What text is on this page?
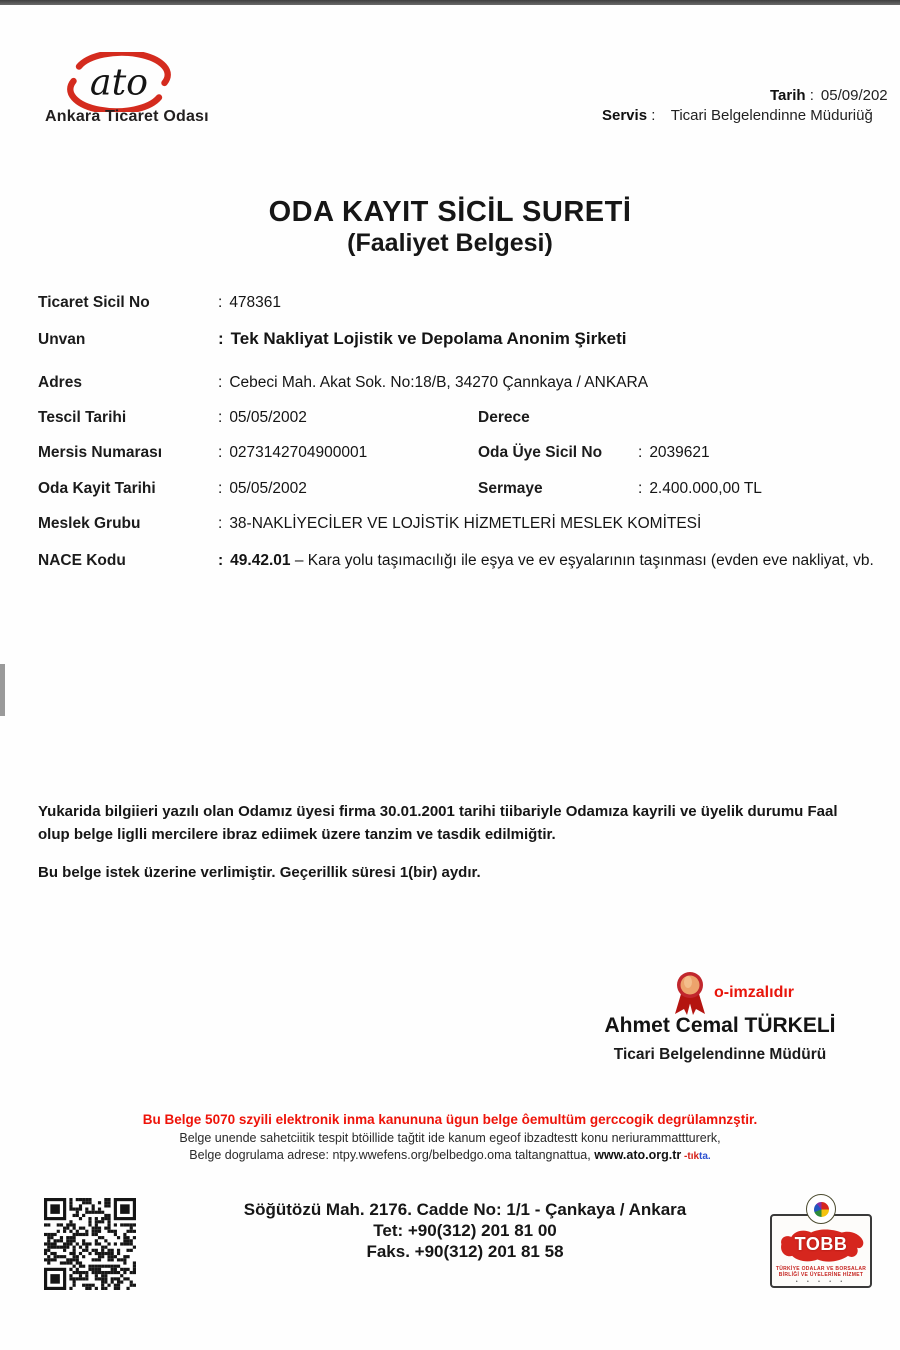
ato
Ankara Ticaret Odası
Tarih : 05/09/202
Servis : Ticari Belgelendinne Müduriüğ
ODA KAYIT SİCİL SURETİ
(Faaliyet Belgesi)
Ticaret Sicil No	: 478361
Unvan	: Tek Nakliyat Lojistik ve Depolama Anonim Şirketi
Adres	: Cebeci Mah. Akat Sok. No:18/B, 34270 Çannkaya / ANKARA
Tescil Tarihi	: 05/05/2002	Derece
Mersis Numarası	: 0273142704900001	Oda Üye Sicil No : 2039621
Oda Kayit Tarihi	: 05/05/2002	Sermaye	: 2.400.000,00 TL
Meslek Grubu	: 38-NAKLİYECİLER VE LOJİSTİK HİZMETLERİ MESLEK KOMİTESİ
NACE Kodu	: 49.42.01 – Kara yolu taşımacılığı ile eşya ve ev eşyalarının taşınması (evden eve nakliyat, vb.
Yukarida bilgiieri yazılı olan Odamız üyesi firma 30.01.2001 tarihi tiibariyle Odamıza kayrili ve üyelik durumu Faal olup belge liglli mercilere ibraz ediimek üzere tanzim ve tasdik edilmiğtir.
Bu belge istek üzerine verlimiştir. Geçerillik süresi 1(bir) aydır.
o-imzalıdır
Ahmet Cemal TÜRKELİ
Ticari Belgelendinne Müdürü
Bu Belge 5070 szyili elektronik inma kanununa ügun belge ôemultüm gerccogik degrülamnzştir.
Belge unende sahetciitik tespit btöillide tağtit ide kanum egeof ibzadtestt konu neriurammattturerk,
Belge dogrulama adrese: ntpy.wwefens.org/belbedgo.oma taltangnattua, www.ato.org.tr -tıkta.
Söğütözü Mah. 2176. Cadde No: 1/1 - Çankaya / Ankara
Tet: +90(312) 201 81 00
Faks. +90(312) 201 81 58	TOBB
TÜRKİYE ODALAR VE BORSALAR
BİRLİĞİ VE ÜYELERİNE HİZMET
• • • • •
